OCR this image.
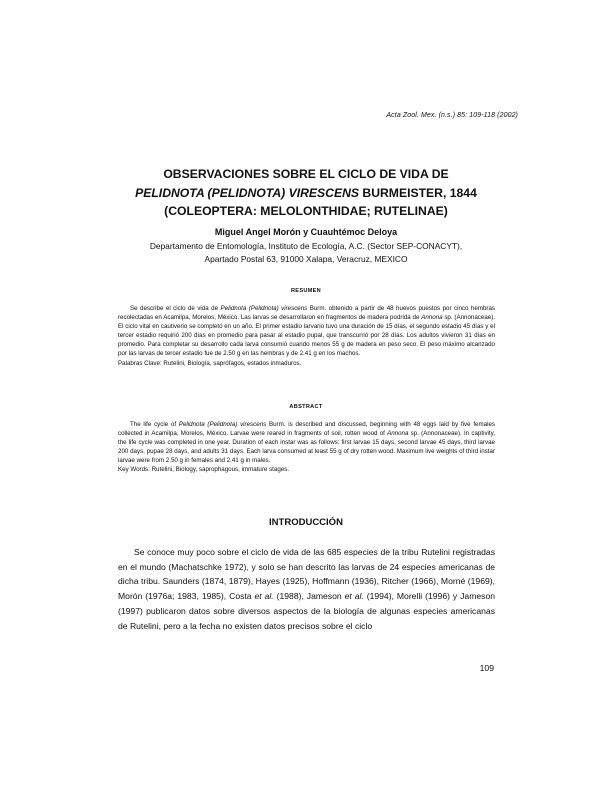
Acta Zool. Mex. (n.s.) 85: 109-118 (2002)
OBSERVACIONES SOBRE EL CICLO DE VIDA DE
PELIDNOTA (PELIDNOTA) VIRESCENS BURMEISTER, 1844
(COLEOPTERA: MELOLONTHIDAE; RUTELINAE)
Miguel Angel Morón y Cuauhtémoc Deloya
Departamento de Entomología, Instituto de Ecología, A.C. (Sector SEP-CONACYT),
Apartado Postal 63, 91000 Xalapa, Veracruz, MEXICO
RESUMEN
Se describe el ciclo de vida de Pelidnota (Pelidnota) virescens Burm. obtenido a partir de 48 huevos puestos por cinco hembras recolectadas en Acamilpa, Morelos, México. Las larvas se desarrollaron en fragmentos de madera podrida de Annona sp. (Annonaceae). El ciclo vital en cautiverio se completó en un año. El primer estadio larvario tuvo una duración de 15 días, el segundo estadio 45 días y el tercer estadio requirió 200 días en promedio para pasar al estadio pupal, que transcurrió por 28 días. Los adultos vivieron 31 días en promedio. Para completar su desarrollo cada larva consumió cuando menos 55 g de madera en peso seco. El peso máximo alcanzado por las larvas de tercer estadio fue de 2.50 g en las hembras y de 2.41 g en los machos.
Palabras Clave: Rutelini, Biología, saprófagos, estados inmaduros.
ABSTRACT
The life cycle of Pelidnota (Pelidnota) virescens Burm. is described and discussed, beginning with 48 eggs laid by five females collected in Acamilpa, Morelos, México. Larvae were reared in fragments of soil, rotten wood of Annona sp. (Annonaceae). In captivity, the life cycle was completed in one year. Duration of each instar was as follows: first larvae 15 days, second larvae 45 days, third larvae 200 days, pupae 28 days, and adults 31 days. Each larva consumed at least 55 g of dry rotten wood. Maximum live weights of third instar larvae were from 2.50 g in females and 2.41 g in males.
Key Words: Rutelini, Biology, saprophagous, immature stages.
INTRODUCCIÓN
Se conoce muy poco sobre el ciclo de vida de las 685 especies de la tribu Rutelini registradas en el mundo (Machatschke 1972), y solo se han descrito las larvas de 24 especies americanas de dicha tribu. Saunders (1874, 1879), Hayes (1925), Hoffmann (1936), Ritcher (1966), Morné (1969), Morón (1976a; 1983, 1985), Costa et al. (1988), Jameson et al. (1994), Morelli (1996) y Jameson (1997) publicaron datos sobre diversos aspectos de la biología de algunas especies americanas de Rutelini, pero a la fecha no existen datos precisos sobre el ciclo
109
